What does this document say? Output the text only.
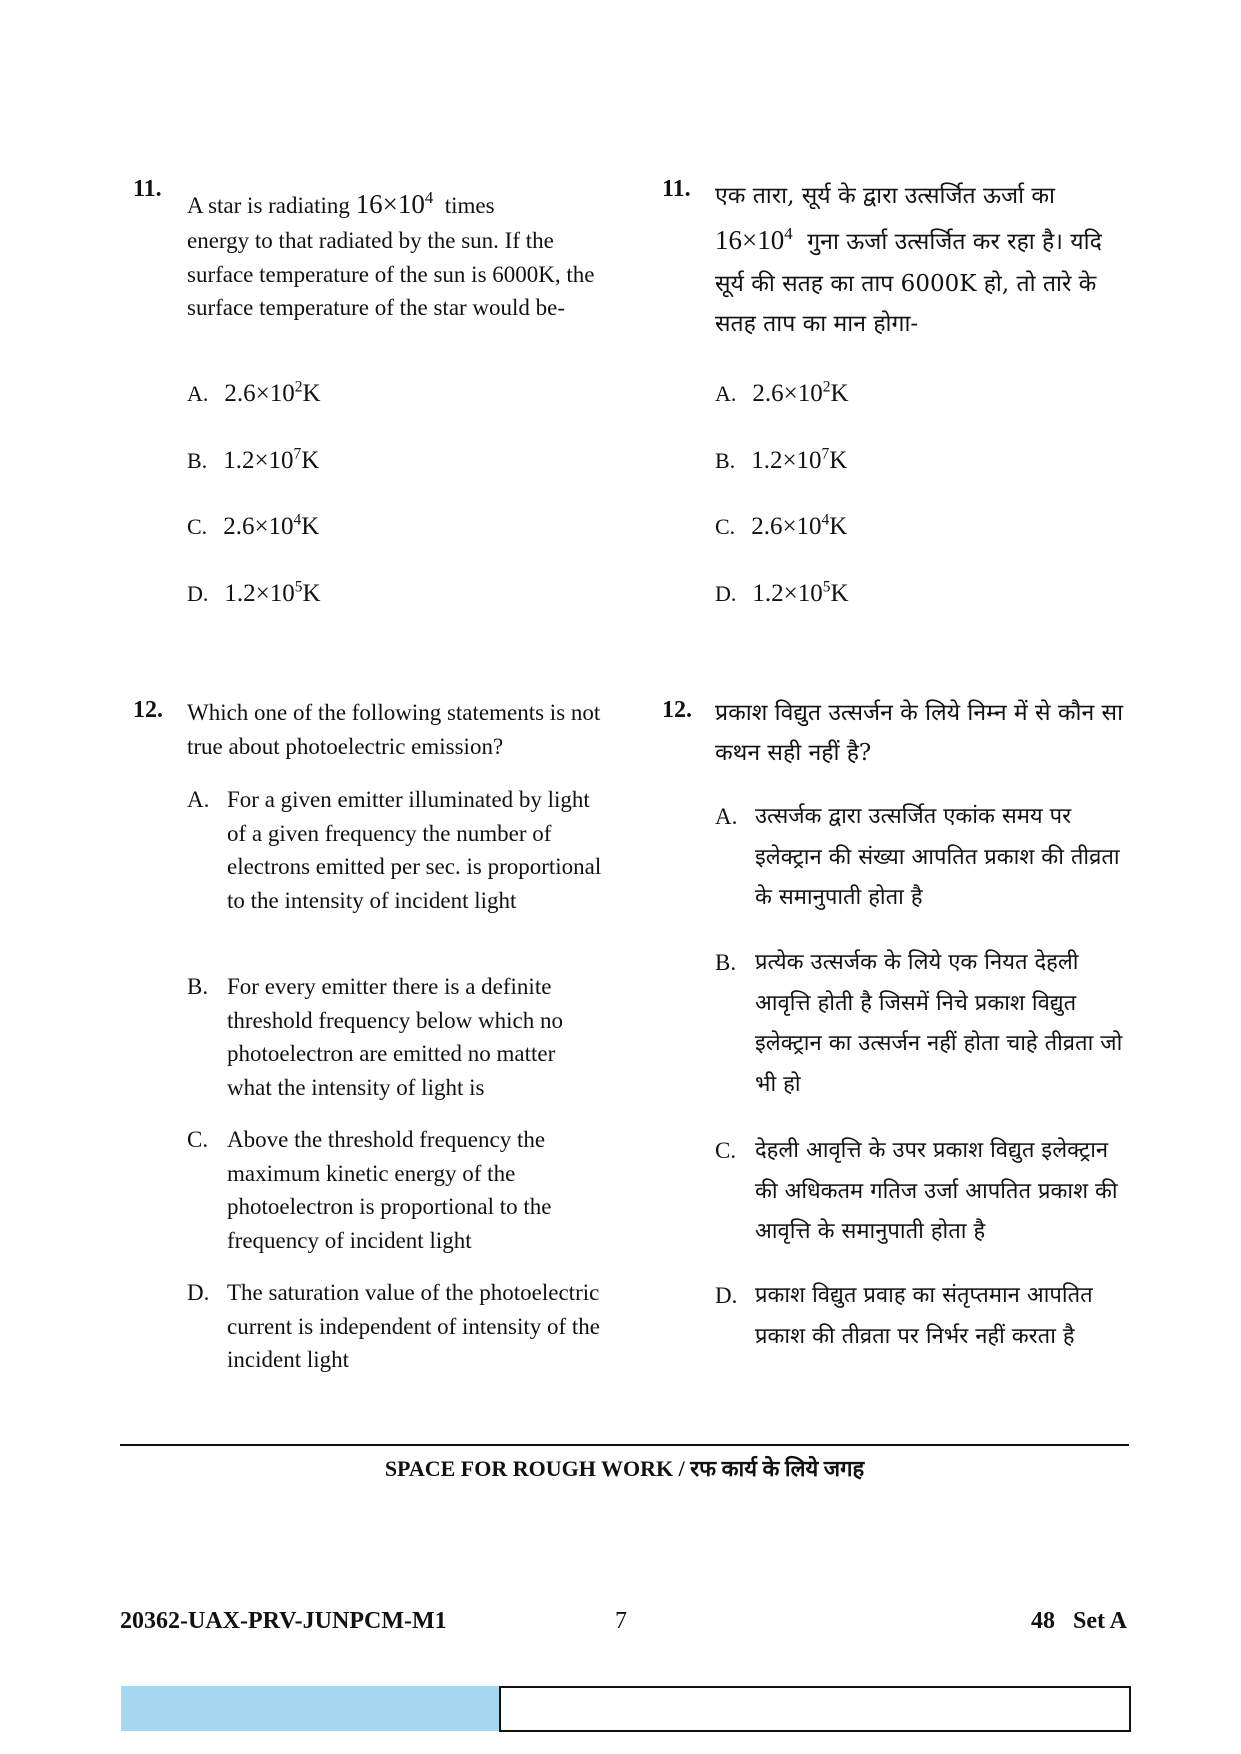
11.
A star is radiating $16\times 10^4$  times
energy to that radiated by the sun. If the surface temperature of the sun is 6000K, the surface temperature of the star would be-
A. $2.6\times 10^2K$
B. $1.2\times 10^7K$
C. $2.6\times 10^4K$
D. $1.2\times 10^5K$
11. एक तारा, सूर्य के द्वारा उत्सर्जित ऊर्जा का
$16\times 10^4$  गुना ऊर्जा उत्सर्जित कर रहा है। यदि
सूर्य की सतह का ताप 6000K हो, तो तारे के सतह ताप का मान होगा-
A. $2.6\times 10^2K$
B. $1.2\times 10^7K$
C. $2.6\times 10^4K$
D. $1.2\times 10^5K$
12. Which one of the following statements is not true about photoelectric emission?
A. For a given emitter illuminated by light of a given frequency the number of electrons emitted per sec. is proportional to the intensity of incident light
B. For every emitter there is a definite threshold frequency below which no photoelectron are emitted no matter what the intensity of light is
C. Above the threshold frequency the maximum kinetic energy of the photoelectron is proportional to the frequency of incident light
D. The saturation value of the photoelectric current is independent of intensity of the incident light
12. प्रकाश विद्युत उत्सर्जन के लिये निम्न में से कौन सा कथन सही नहीं है?
A. उत्सर्जक द्वारा उत्सर्जित एकांक समय पर इलेक्ट्रान की संख्या आपतित प्रकाश की तीव्रता के समानुपाती होता है
B. प्रत्येक उत्सर्जक के लिये एक नियत देहली आवृत्ति होती है जिसमें निचे प्रकाश विद्युत इलेक्ट्रान का उत्सर्जन नहीं होता चाहे तीव्रता जो भी हो
C. देहली आवृत्ति के उपर प्रकाश विद्युत इलेक्ट्रान की अधिकतम गतिज उर्जा आपतित प्रकाश की आवृत्ति के समानुपाती होता है
D. प्रकाश विद्युत प्रवाह का संतृप्तमान आपतित प्रकाश की तीव्रता पर निर्भर नहीं करता है
SPACE FOR ROUGH WORK / रफ कार्य के लिये जगह
20362-UAX-PRV-JUNPCM-M1	7	48   Set A
